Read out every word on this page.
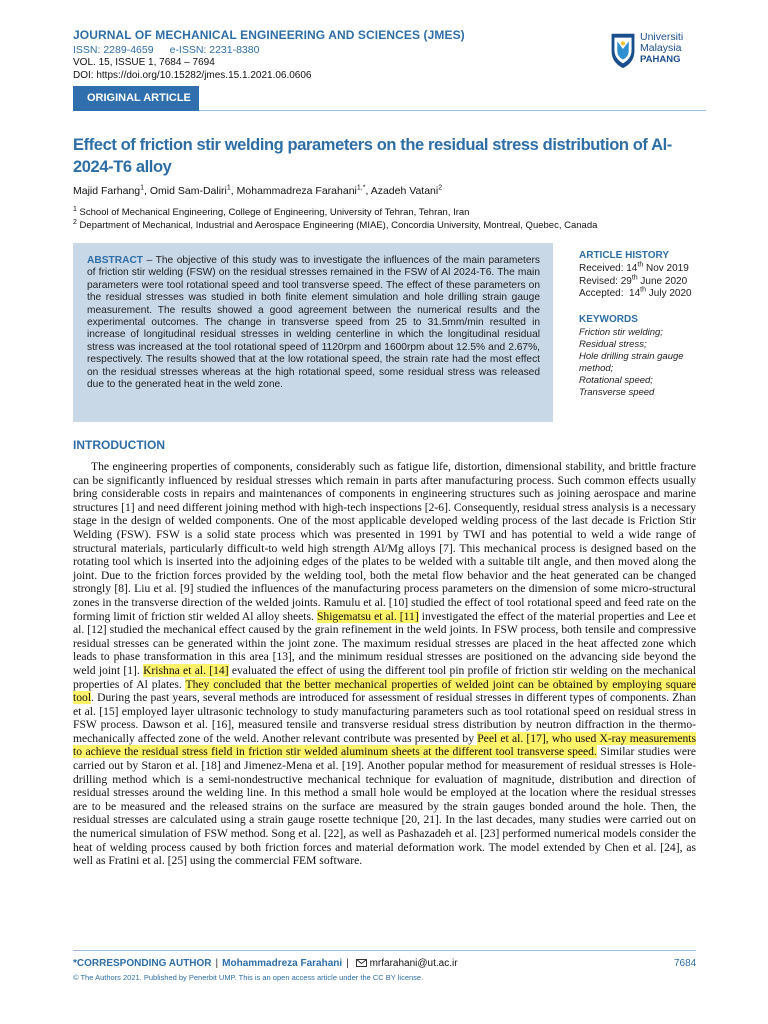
JOURNAL OF MECHANICAL ENGINEERING AND SCIENCES (JMES)
ISSN: 2289-4659 e-ISSN: 2231-8380
VOL. 15, ISSUE 1, 7684 – 7694
DOI: https://doi.org/10.15282/jmes.15.1.2021.06.0606
Universiti
Malaysia
PAHANG
ORIGINAL ARTICLE
Effect of friction stir welding parameters on the residual stress distribution of Al-2024-T6 alloy
Majid Farhang$^1$, Omid Sam-Daliri$^1$, Mohammadreza Farahani$^{1,*}$, Azadeh Vatani$^2$
$^1$ School of Mechanical Engineering, College of Engineering, University of Tehran, Tehran, Iran
$^2$ Department of Mechanical, Industrial and Aerospace Engineering (MIAE), Concordia University, Montreal, Quebec, Canada
ABSTRACT – The objective of this study was to investigate the influences of the main parameters of friction stir welding (FSW) on the residual stresses remained in the FSW of Al 2024-T6. The main parameters were tool rotational speed and tool transverse speed. The effect of these parameters on the residual stresses was studied in both finite element simulation and hole drilling strain gauge measurement. The results showed a good agreement between the numerical results and the experimental outcomes. The change in transverse speed from 25 to 31.5mm/min resulted in increase of longitudinal residual stresses in welding centerline in which the longitudinal residual stress was increased at the tool rotational speed of 1120rpm and 1600rpm about 12.5% and 2.67%, respectively. The results showed that at the low rotational speed, the strain rate had the most effect on the residual stresses whereas at the high rotational speed, some residual stress was released due to the generated heat in the weld zone.
ARTICLE HISTORY
Received: 14th Nov 2019
Revised: 29th June 2020
Accepted: 14th July 2020
KEYWORDS
Friction stir welding;
Residual stress;
Hole drilling strain gauge method;
Rotational speed;
Transverse speed
INTRODUCTION
The engineering properties of components, considerably such as fatigue life, distortion, dimensional stability, and brittle fracture can be significantly influenced by residual stresses which remain in parts after manufacturing process. Such common effects usually bring considerable costs in repairs and maintenances of components in engineering structures such as joining aerospace and marine structures [1] and need different joining method with high-tech inspections [2-6]. Consequently, residual stress analysis is a necessary stage in the design of welded components. One of the most applicable developed welding process of the last decade is Friction Stir Welding (FSW). FSW is a solid state process which was presented in 1991 by TWI and has potential to weld a wide range of structural materials, particularly difficult-to weld high strength Al/Mg alloys [7]. This mechanical process is designed based on the rotating tool which is inserted into the adjoining edges of the plates to be welded with a suitable tilt angle, and then moved along the joint. Due to the friction forces provided by the welding tool, both the metal flow behavior and the heat generated can be changed strongly [8]. Liu et al. [9] studied the influences of the manufacturing process parameters on the dimension of some micro-structural zones in the transverse direction of the welded joints. Ramulu et al. [10] studied the effect of tool rotational speed and feed rate on the forming limit of friction stir welded Al alloy sheets. Shigematsu et al. [11] investigated the effect of the material properties and Lee et al. [12] studied the mechanical effect caused by the grain refinement in the weld joints. In FSW process, both tensile and compressive residual stresses can be generated within the joint zone. The maximum residual stresses are placed in the heat affected zone which leads to phase transformation in this area [13], and the minimum residual stresses are positioned on the advancing side beyond the weld joint [1]. Krishna et al. [14] evaluated the effect of using the different tool pin profile of friction stir welding on the mechanical properties of Al plates. They concluded that the better mechanical properties of welded joint can be obtained by employing square tool. During the past years, several methods are introduced for assessment of residual stresses in different types of components. Zhan et al. [15] employed layer ultrasonic technology to study manufacturing parameters such as tool rotational speed on residual stress in FSW process. Dawson et al. [16], measured tensile and transverse residual stress distribution by neutron diffraction in the thermo-mechanically affected zone of the weld. Another relevant contribute was presented by Peel et al. [17], who used X-ray measurements to achieve the residual stress field in friction stir welded aluminum sheets at the different tool transverse speed. Similar studies were carried out by Staron et al. [18] and Jimenez-Mena et al. [19]. Another popular method for measurement of residual stresses is Hole-drilling method which is a semi-nondestructive mechanical technique for evaluation of magnitude, distribution and direction of residual stresses around the welding line. In this method a small hole would be employed at the location where the residual stresses are to be measured and the released strains on the surface are measured by the strain gauges bonded around the hole. Then, the residual stresses are calculated using a strain gauge rosette technique [20, 21]. In the last decades, many studies were carried out on the numerical simulation of FSW method. Song et al. [22], as well as Pashazadeh et al. [23] performed numerical models consider the heat of welding process caused by both friction forces and material deformation work. The model extended by Chen et al. [24], as well as Fratini et al. [25] using the commercial FEM software.
*CORRESPONDING AUTHOR | Mohammadreza Farahani | mrfarahani@ut.ac.ir	7684
© The Authors 2021. Published by Penerbit UMP. This is an open access article under the CC BY license.
